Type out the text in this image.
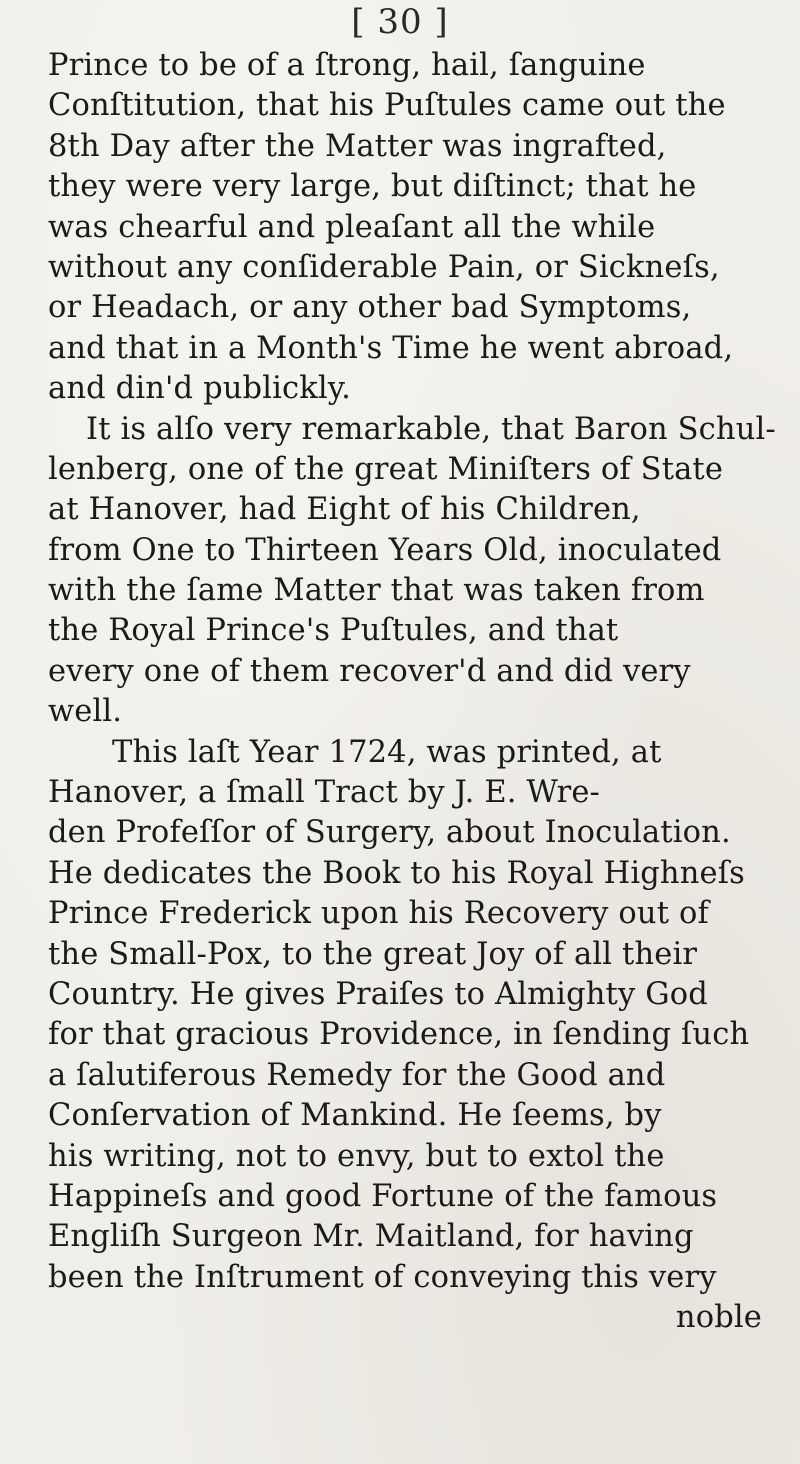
[ 30 ]
Prince to be of a ſtrong, hail, ſanguine
Conſtitution, that his Puſtules came out the
8th Day after the Matter was ingrafted,
they were very large, but diſtinct; that he
was chearful and pleaſant all the while
without any conſiderable Pain, or Sickneſs,
or Headach, or any other bad Symptoms,
and that in a Month's Time he went abroad,
and din'd publickly.
It is alſo very remarkable, that Baron Schul-
lenberg, one of the great Miniſters of State
at Hanover, had Eight of his Children,
from One to Thirteen Years Old, inoculated
with the ſame Matter that was taken from
the Royal Prince's Puſtules, and that
every one of them recover'd and did very
well.
This laſt Year 1724, was printed, at
Hanover, a ſmall Tract by J. E. Wre-
den Profeſſor of Surgery, about Inoculation.
He dedicates the Book to his Royal Highneſs
Prince Frederick upon his Recovery out of
the Small-Pox, to the great Joy of all their
Country. He gives Praiſes to Almighty God
for that gracious Providence, in ſending ſuch
a ſalutiferous Remedy for the Good and
Conſervation of Mankind. He ſeems, by
his writing, not to envy, but to extol the
Happineſs and good Fortune of the famous
Engliſh Surgeon Mr. Maitland, for having
been the Inſtrument of conveying this very
noble
